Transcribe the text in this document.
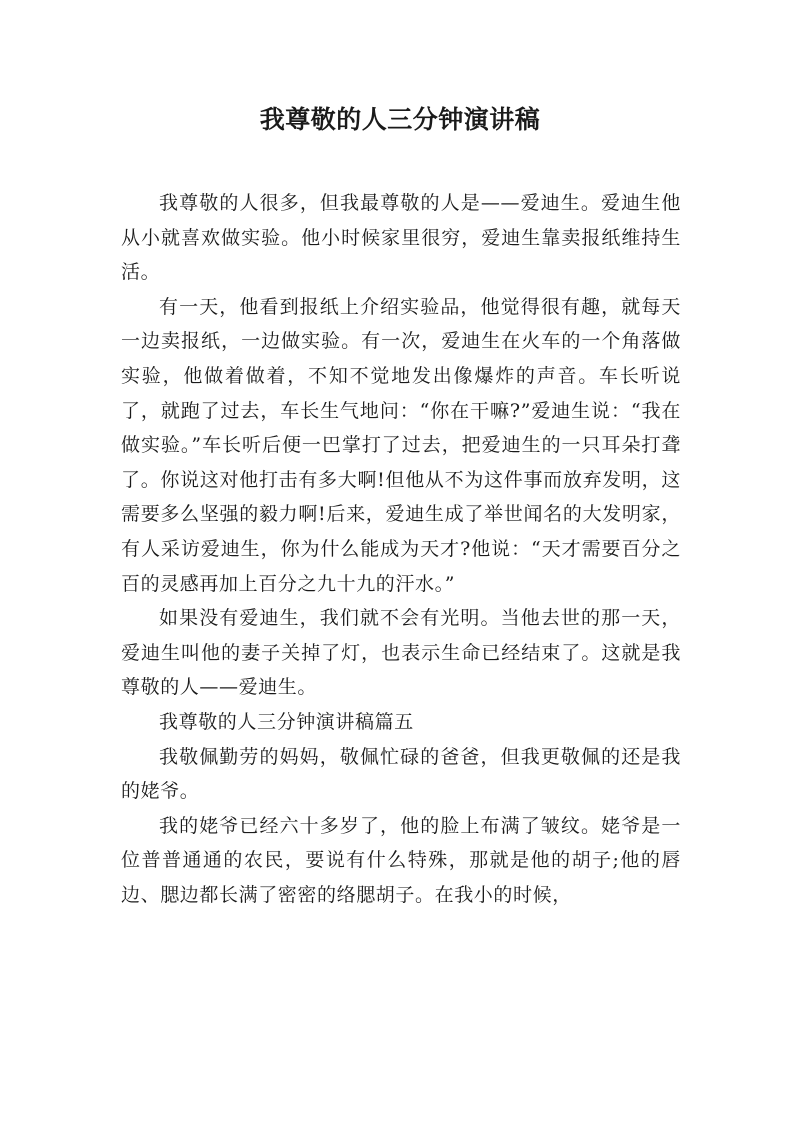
我尊敬的人三分钟演讲稿

我尊敬的人很多，但我最尊敬的人是——爱迪生。爱迪生他从小就喜欢做实验。他小时候家里很穷，爱迪生靠卖报纸维持生活。

有一天，他看到报纸上介绍实验品，他觉得很有趣，就每天一边卖报纸，一边做实验。有一次，爱迪生在火车的一个角落做实验，他做着做着，不知不觉地发出像爆炸的声音。车长听说了，就跑了过去，车长生气地问：“你在干嘛?”爱迪生说：“我在做实验。”车长听后便一巴掌打了过去，把爱迪生的一只耳朵打聋了。你说这对他打击有多大啊!但他从不为这件事而放弃发明，这需要多么坚强的毅力啊!后来，爱迪生成了举世闻名的大发明家，有人采访爱迪生，你为什么能成为天才?他说：“天才需要百分之百的灵感再加上百分之九十九的汗水。”

如果没有爱迪生，我们就不会有光明。当他去世的那一天，爱迪生叫他的妻子关掉了灯，也表示生命已经结束了。这就是我尊敬的人——爱迪生。

我尊敬的人三分钟演讲稿篇五

我敬佩勤劳的妈妈，敬佩忙碌的爸爸，但我更敬佩的还是我的姥爷。

我的姥爷已经六十多岁了，他的脸上布满了皱纹。姥爷是一位普普通通的农民，要说有什么特殊，那就是他的胡子;他的唇边、腮边都长满了密密的络腮胡子。在我小的时候，
